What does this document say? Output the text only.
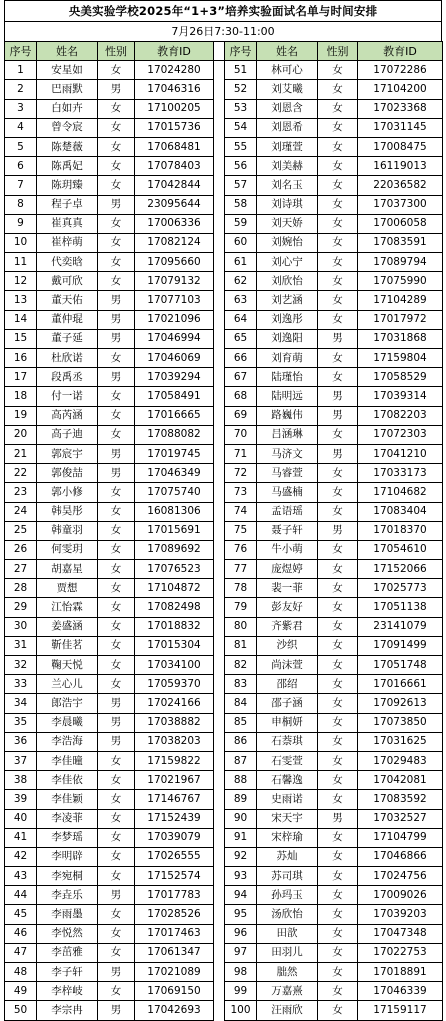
央美实验学校2025年“1+3”培养实验面试名单与时间安排
7月26日7:30-11:00
序号	姓名	性别	教育ID		序号	姓名	性别	教育ID
1	安星如	女	17024280		51	林可心	女	17072286
2	巴雨默	男	17046316		52	刘艾曦	女	17104200
3	白如卉	女	17100205		53	刘恩含	女	17023368
4	曾令宸	女	17015736		54	刘恩希	女	17031145
5	陈楚薇	女	17068481		55	刘瑾萱	女	17008475
6	陈禹妃	女	17078403		56	刘美赫	女	16119013
7	陈玥臻	女	17042844		57	刘名玉	女	22036582
8	程子卓	男	23095644		58	刘诗琪	女	17037300
9	崔真真	女	17006336		59	刘天娇	女	17006058
10	崔梓萌	女	17082124		60	刘婉怡	女	17083591
11	代奕晗	女	17095660		61	刘心宁	女	17089794
12	戴可欣	女	17079132		62	刘欣怡	女	17075990
13	董天佑	男	17077103		63	刘艺涵	女	17104289
14	董仲琨	男	17021096		64	刘逸彤	女	17017972
15	董子延	男	17046994		65	刘逸阳	男	17031868
16	杜欣诺	女	17046069		66	刘育萌	女	17159804
17	段禹丞	男	17039294		67	陆瑾怡	女	17058529
18	付一诺	女	17058491		68	陆明远	男	17039314
19	高芮涵	女	17016665		69	路巍伟	男	17082203
20	高子迪	女	17088082		70	吕涵琳	女	17072303
21	郭宸宇	男	17019745		71	马济文	男	17041210
22	郭俊喆	男	17046349		72	马睿萱	女	17033173
23	郭小修	女	17075740		73	马盛楠	女	17104682
24	韩昊彤	女	16081306		74	孟语瑶	女	17083404
25	韩童羽	女	17015691		75	聂子轩	男	17018370
26	何雯玥	女	17089692		76	牛小萌	女	17054610
27	胡嘉星	女	17076523		77	庞煜婷	女	17152066
28	贾想	女	17104872		78	裴一菲	女	17025773
29	江怡霖	女	17082498		79	彭友好	女	17051138
30	姜盛涵	女	17018832		80	齐紫君	女	23141079
31	靳佳茗	女	17015304		81	沙织	女	17091499
32	鞠天悦	女	17034100		82	尚沫萱	女	17051748
33	兰心儿	女	17059370		83	邵绍	女	17016661
34	郎浩宇	男	17024166		84	邵子涵	女	17092613
35	李晨曦	男	17038882		85	申桐妍	女	17073850
36	李浩海	男	17038203		86	石萘琪	女	17031625
37	李佳曈	女	17159822		87	石雯萱	女	17029483
38	李佳依	女	17021967		88	石馨逸	女	17042081
39	李佳颖	女	17146767		89	史雨诺	女	17083592
40	李凌菲	女	17152439		90	宋天宇	男	17032527
41	李梦瑶	女	17039079		91	宋梓瑜	女	17104799
42	李明辟	女	17026555		92	苏灿	女	17046866
43	李宛桐	女	17152574		93	苏司琪	女	17024756
44	李垚乐	男	17017783		94	孙玛玉	女	17009026
45	李雨墨	女	17028526		95	汤欣怡	女	17039203
46	李悦然	女	17017463		96	田歆	女	17047348
47	李茁雅	女	17061347		97	田羽儿	女	17022753
48	李子轩	男	17021089		98	朏然	女	17018891
49	李梓岐	女	17069150		99	万嘉熹	女	17046339
50	李宗冉	男	17042693		100	汪雨欣	女	17159117
